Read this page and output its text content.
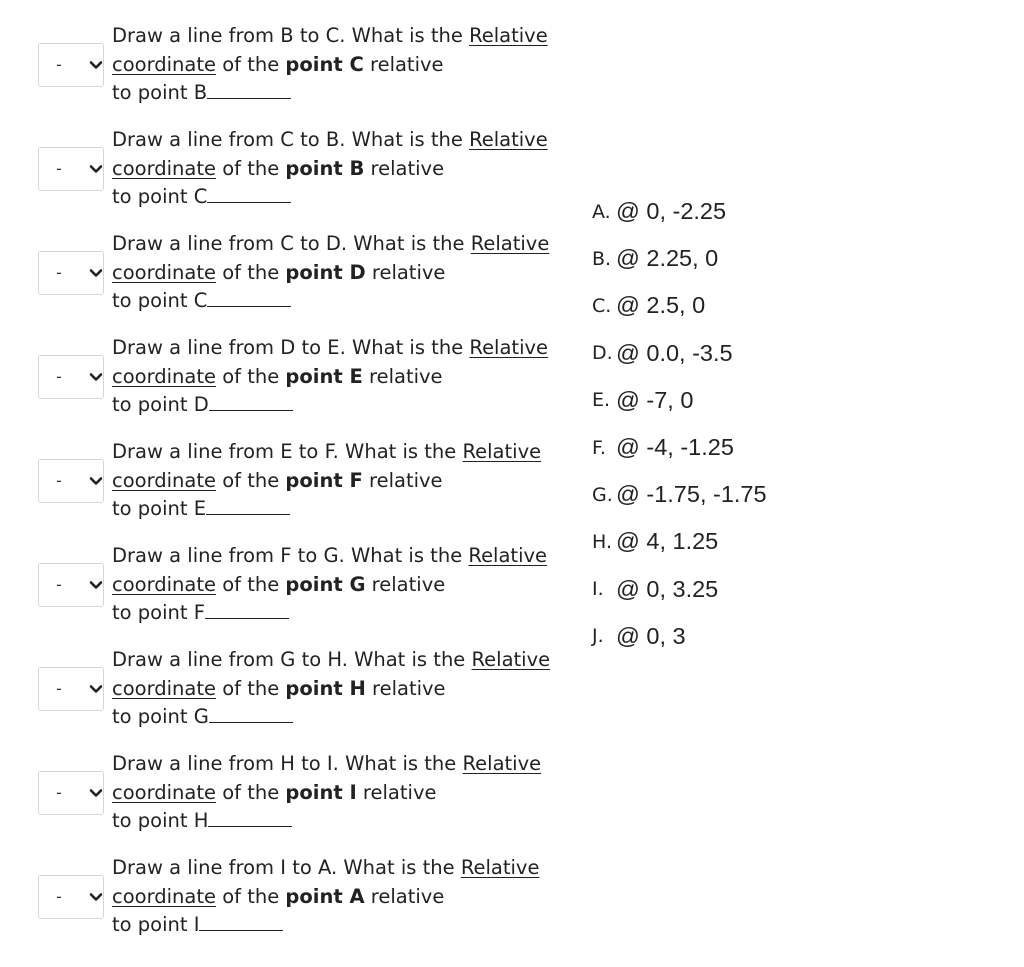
-
Draw a line from B to C. What is the Relative
coordinate of the point C relative
to point B
-
Draw a line from C to B. What is the Relative
coordinate of the point B relative
to point C
-
Draw a line from C to D. What is the Relative
coordinate of the point D relative
to point C
-
Draw a line from D to E. What is the Relative
coordinate of the point E relative
to point D
-
Draw a line from E to F. What is the Relative
coordinate of the point F relative
to point E
-
Draw a line from F to G. What is the Relative
coordinate of the point G relative
to point F
-
Draw a line from G to H. What is the Relative
coordinate of the point H relative
to point G
-
Draw a line from H to I. What is the Relative
coordinate of the point I relative
to point H
-
Draw a line from I to A. What is the Relative
coordinate of the point A relative
to point I
A. @ 0, -2.25
B. @ 2.25, 0
C. @ 2.5, 0
D. @ 0.0, -3.5
E. @ -7, 0
F. @ -4, -1.25
G. @ -1.75, -1.75
H. @ 4, 1.25
I. @ 0, 3.25
J. @ 0, 3
